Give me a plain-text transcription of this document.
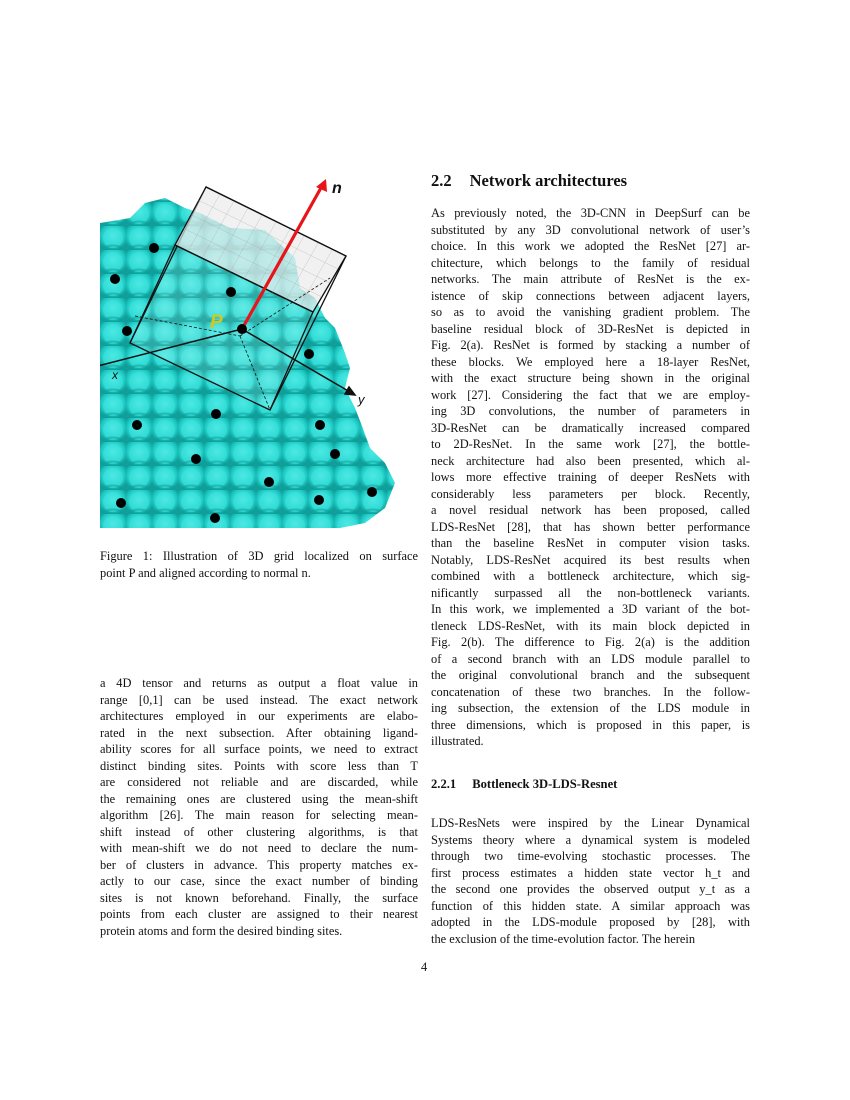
n
P
x
y
Figure 1: Illustration of 3D grid localized on surface
point P and aligned according to normal n.
a 4D tensor and returns as output a float value in
range [0,1] can be used instead. The exact network
architectures employed in our experiments are elabo-
rated in the next subsection. After obtaining ligand-
ability scores for all surface points, we need to extract
distinct binding sites. Points with score less than T
are considered not reliable and are discarded, while
the remaining ones are clustered using the mean-shift
algorithm [26]. The main reason for selecting mean-
shift instead of other clustering algorithms, is that
with mean-shift we do not need to declare the num-
ber of clusters in advance. This property matches ex-
actly to our case, since the exact number of binding
sites is not known beforehand. Finally, the surface
points from each cluster are assigned to their nearest
protein atoms and form the desired binding sites.
2.2 Network architectures
As previously noted, the 3D-CNN in DeepSurf can be
substituted by any 3D convolutional network of user’s
choice. In this work we adopted the ResNet [27] ar-
chitecture, which belongs to the family of residual
networks. The main attribute of ResNet is the ex-
istence of skip connections between adjacent layers,
so as to avoid the vanishing gradient problem. The
baseline residual block of 3D-ResNet is depicted in
Fig. 2(a). ResNet is formed by stacking a number of
these blocks. We employed here a 18-layer ResNet,
with the exact structure being shown in the original
work [27]. Considering the fact that we are employ-
ing 3D convolutions, the number of parameters in
3D-ResNet can be dramatically increased compared
to 2D-ResNet. In the same work [27], the bottle-
neck architecture had also been presented, which al-
lows more effective training of deeper ResNets with
considerably less parameters per block. Recently,
a novel residual network has been proposed, called
LDS-ResNet [28], that has shown better performance
than the baseline ResNet in computer vision tasks.
Notably, LDS-ResNet acquired its best results when
combined with a bottleneck architecture, which sig-
nificantly surpassed all the non-bottleneck variants.
In this work, we implemented a 3D variant of the bot-
tleneck LDS-ResNet, with its main block depicted in
Fig. 2(b). The difference to Fig. 2(a) is the addition
of a second branch with an LDS module parallel to
the original convolutional branch and the subsequent
concatenation of these two branches. In the follow-
ing subsection, the extension of the LDS module in
three dimensions, which is proposed in this paper, is
illustrated.
2.2.1 Bottleneck 3D-LDS-Resnet
LDS-ResNets were inspired by the Linear Dynamical
Systems theory where a dynamical system is modeled
through two time-evolving stochastic processes. The
first process estimates a hidden state vector h_t and
the second one provides the observed output y_t as a
function of this hidden state. A similar approach was
adopted in the LDS-module proposed by [28], with
the exclusion of the time-evolution factor. The herein
4
